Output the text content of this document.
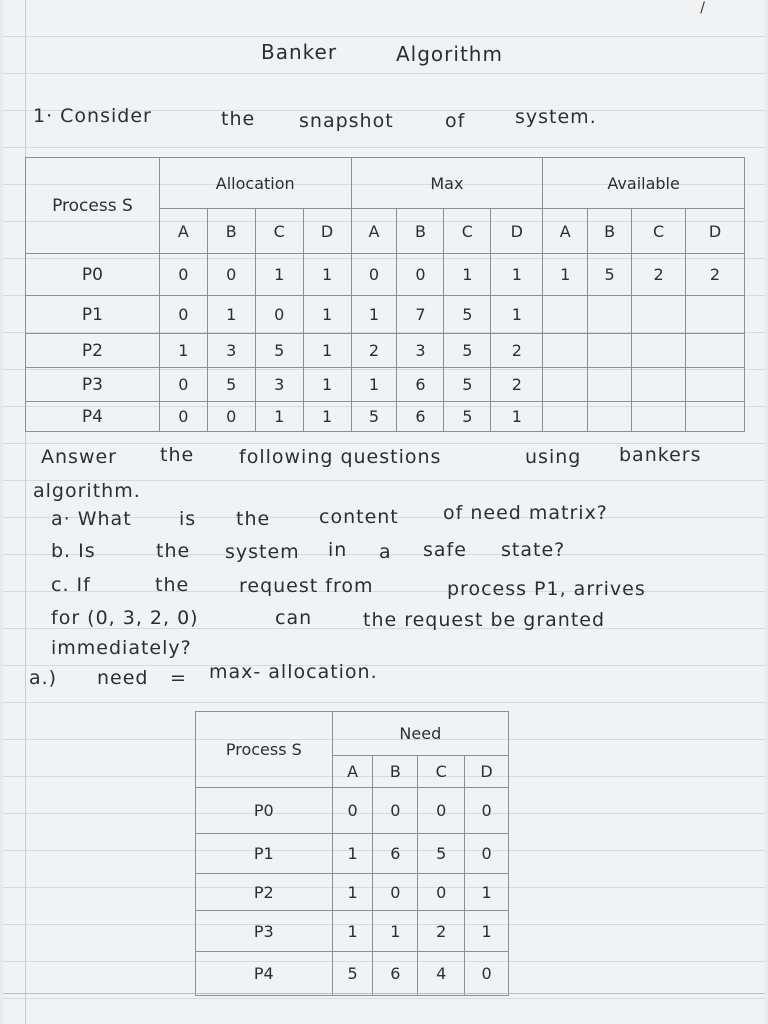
/
Banker	Algorithm
1· Consider	the snapshot	of	system.
Process S	Allocation				Max				Available			
	A	B	C	D	A	B	C	D	A	B	C	D
P0	0	0	1	1	0	0	1	1	1	5	2	2
P1	0	1	0	1	1	7	5	1				
P2	1	3	5	1	2	3	5	2				
P3	0	5	3	1	1	6	5	2				
P4	0	0	1	1	5	6	5	1				
Answer the following questions	using bankers
algorithm.
a· What is the	content of need matrix?
b. Is	the system in a safe state?
c. If	the	request from	process P1, arrives
for (0, 3, 2, 0)	can	the request be granted
immediately?
a.) need = max- allocation.
Process S	Need			
	A	B	C	D
P0	0	0	0	0
P1	1	6	5	0
P2	1	0	0	1
P3	1	1	2	1
P4	5	6	4	0
